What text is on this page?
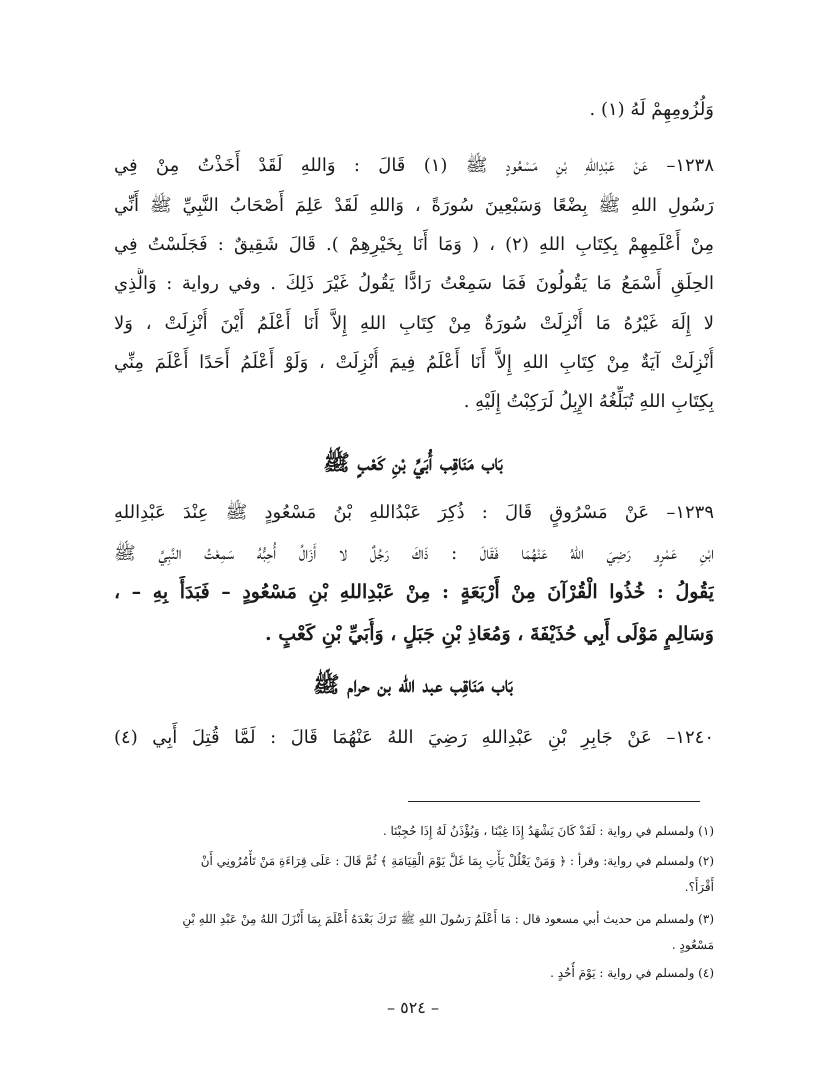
وَلُزُومِهِمْ لَهُ (١) .
١٢٣٨– عَنْ عَبْدِاللهِ بْنِ مَسْعُودٍ ﷺ (١) قَالَ : وَاللهِ لَقَدْ أَخَذْتُ مِنْ فِي
رَسُولِ اللهِ ﷺ بِضْعًا وَسَبْعِينَ سُورَةً ، وَاللهِ لَقَدْ عَلِمَ أَصْحَابُ النَّبِيِّ ﷺ أَنِّي
مِنْ أَعْلَمِهِمْ بِكِتَابِ اللهِ (٢) ، ( وَمَا أَنَا بِخَيْرِهِمْ ). قَالَ شَقِيقٌ : فَجَلَسْتُ فِي
الحِلَقِ أَسْمَعُ مَا يَقُولُونَ فَمَا سَمِعْتُ رَادًّا يَقُولُ غَيْرَ ذَلِكَ . وفي رواية : وَالَّذِي
لا إِلَهَ غَيْرُهُ مَا أُنْزِلَتْ سُورَةٌ مِنْ كِتَابِ اللهِ إِلاَّ أَنَا أَعْلَمُ أَيْنَ أُنْزِلَتْ ، وَلا
أُنْزِلَتْ آيَةٌ مِنْ كِتَابِ اللهِ إِلاَّ أَنَا أَعْلَمُ فِيمَ أُنْزِلَتْ ، وَلَوْ أَعْلَمُ أَحَدًا أَعْلَمَ مِنِّي
بِكِتَابِ اللهِ تُبَلِّغُهُ الإِبِلُ لَرَكِبْتُ إِلَيْهِ .
بَاب مَنَاقِب أُبَيِّ بْنِ كَعْبٍ ﷺ
١٢٣٩– عَنْ مَسْرُوقٍ قَالَ : ذُكِرَ عَبْدُاللهِ بْنُ مَسْعُودٍ ﷺ عِنْدَ عَبْدِاللهِ
ابْنِ عَمْرٍو رَضِيَ اللهُ عَنْهُمَا فَقَالَ : ذَاكَ رَجُلٌ لا أَزَالُ أُحِبُّهُ سَمِعْتُ النَّبِيَّ ﷺ
يَقُولُ : خُذُوا الْقُرْآنَ مِنْ أَرْبَعَةٍ : مِنْ عَبْدِاللهِ بْنِ مَسْعُودٍ – فَبَدَأَ بِهِ – ،
وَسَالِمٍ مَوْلَى أَبِي حُذَيْفَةَ ، وَمُعَاذِ بْنِ جَبَلٍ ، وَأُبَيِّ بْنِ كَعْبٍ .
بَاب مَنَاقِب عبد الله بن حرام ﷺ
١٢٤٠– عَنْ جَابِرِ بْنِ عَبْدِاللهِ رَضِيَ اللهُ عَنْهُمَا قَالَ : لَمَّا قُتِلَ أَبِي (٤)
(١) ولمسلم في رواية : لَقَدْ كَانَ يَشْهَدُ إِذَا غِبْنَا ، وَيُؤْذَنُ لَهُ إِذَا حُجِبْنَا .
(٢) ولمسلم في رواية: وقرأ : ﴿ وَمَنْ يَغْلُلْ يَأْتِ بِمَا غَلَّ يَوْمَ الْقِيَامَةِ ﴾ ثُمَّ قَالَ : عَلَى قِرَاءَةِ مَنْ تَأْمُرُونِي أَنْ
أَقْرَأَ؟.
(٣) ولمسلم من حديث أبي مسعود قال : مَا أَعْلَمُ رَسُولَ اللهِ ﷺ تَرَكَ بَعْدَهُ أَعْلَمَ بِمَا أَنْزَلَ اللهُ مِنْ عَبْدِ اللهِ بْنِ
مَسْعُودٍ .
(٤) ولمسلم في رواية : يَوْمَ أُحُدٍ .
– ٥٢٤ –
